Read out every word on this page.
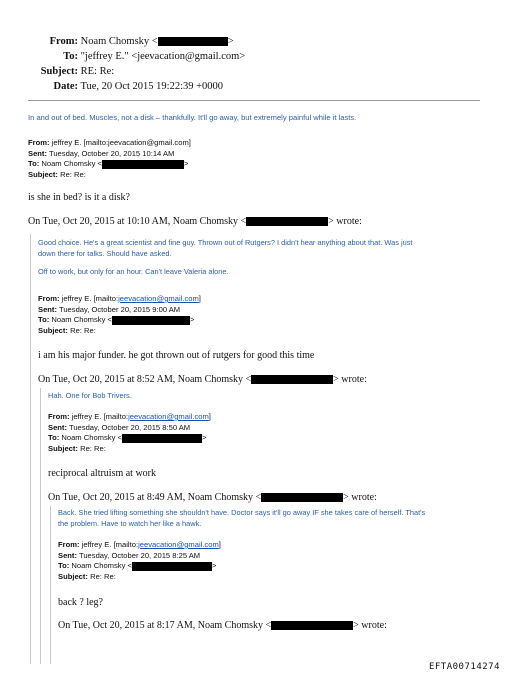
From: Noam Chomsky <	>
To: "jeffrey E." <jeevacation@gmail.com>
Subject: RE: Re:
Date: Tue, 20 Oct 2015 19:22:39 +0000
In and out of bed. Muscles, not a disk – thankfully. It'll go away, but extremely painful while it lasts.
From: jeffrey E. [mailto:jeevacation@gmail.com]
Sent: Tuesday, October 20, 2015 10:14 AM
To: Noam Chomsky <	>
Subject: Re: Re:
is she in bed? is it a disk?
On Tue, Oct 20, 2015 at 10:10 AM, Noam Chomsky <	> wrote:
Good choice. He's a great scientist and fine guy. Thrown out of Rutgers? I didn't hear anything about that. Was just
down there for talks. Should have asked.
Off to work, but only for an hour. Can't leave Valeria alone.
From: jeffrey E. [mailto:jeevacation@gmail.com]
Sent: Tuesday, October 20, 2015 9:00 AM
To: Noam Chomsky <	>
Subject: Re: Re:
i am his major funder. he got thrown out of rutgers for good this time
On Tue, Oct 20, 2015 at 8:52 AM, Noam Chomsky <	> wrote:
Hah. One for Bob Trivers.
From: jeffrey E. [mailto:jeevacation@gmail.com]
Sent: Tuesday, October 20, 2015 8:50 AM
To: Noam Chomsky <	>
Subject: Re: Re:
reciprocal altruism at work
On Tue, Oct 20, 2015 at 8:49 AM, Noam Chomsky <	> wrote:
Back. She tried lifting something she shouldn't have. Doctor says it'll go away IF she takes care of herself. That's
the problem. Have to watch her like a hawk.
From: jeffrey E. [mailto:jeevacation@gmail.com]
Sent: Tuesday, October 20, 2015 8:25 AM
To: Noam Chomsky <	>
Subject: Re: Re:
back ? leg?
On Tue, Oct 20, 2015 at 8:17 AM, Noam Chomsky <	> wrote:
EFTA00714274
